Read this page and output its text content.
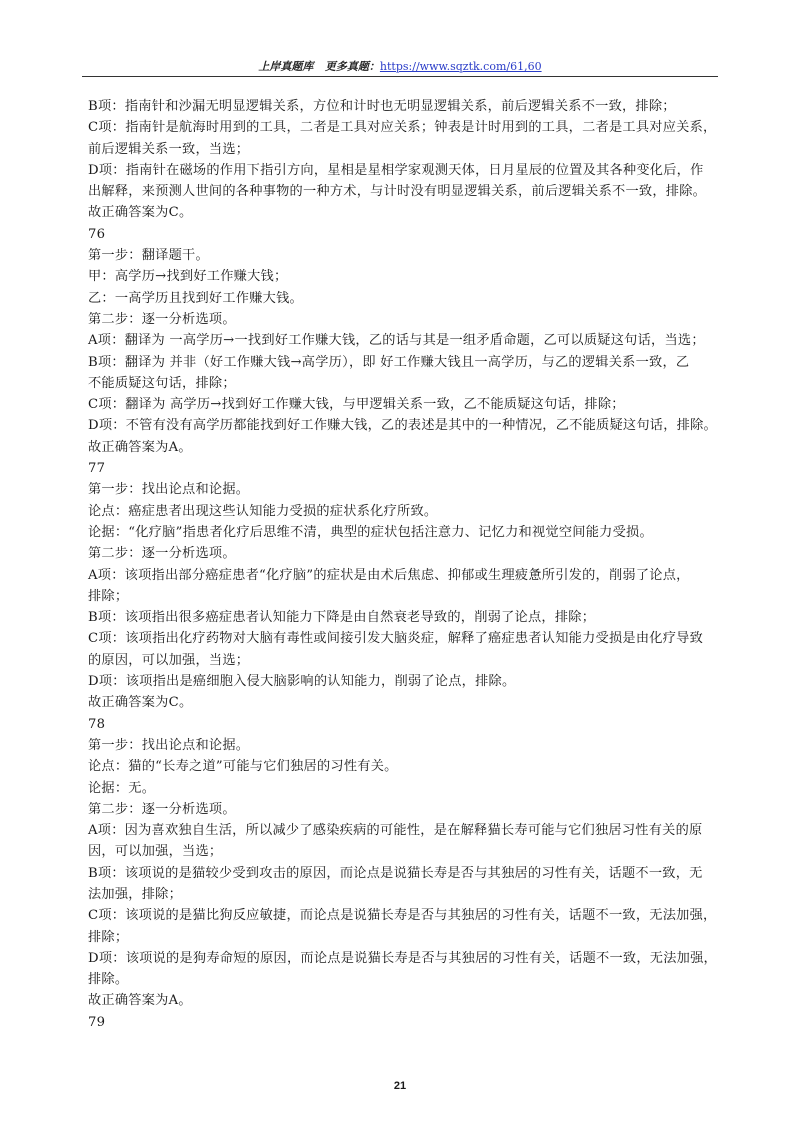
上岸真题库 更多真题：https://www.sqztk.com/61,60

B项：指南针和沙漏无明显逻辑关系，方位和计时也无明显逻辑关系，前后逻辑关系不一致，排除；

C项：指南针是航海时用到的工具，二者是工具对应关系；钟表是计时用到的工具，二者是工具对应关系，

前后逻辑关系一致，当选；

D项：指南针在磁场的作用下指引方向，星相是星相学家观测天体，日月星辰的位置及其各种变化后，作

出解释，来预测人世间的各种事物的一种方术，与计时没有明显逻辑关系，前后逻辑关系不一致，排除。

故正确答案为C。

76

第一步：翻译题干。

甲：高学历→找到好工作赚大钱；

乙：一高学历且找到好工作赚大钱。

第二步：逐一分析选项。

A项：翻译为 一高学历→一找到好工作赚大钱，乙的话与其是一组矛盾命题，乙可以质疑这句话，当选；

B项：翻译为 并非（好工作赚大钱→高学历），即 好工作赚大钱且一高学历，与乙的逻辑关系一致，乙

不能质疑这句话，排除；

C项：翻译为 高学历→找到好工作赚大钱，与甲逻辑关系一致，乙不能质疑这句话，排除；

D项：不管有没有高学历都能找到好工作赚大钱，乙的表述是其中的一种情况，乙不能质疑这句话，排除。

故正确答案为A。

77

第一步：找出论点和论据。

论点：癌症患者出现这些认知能力受损的症状系化疗所致。

论据：“化疗脑”指患者化疗后思维不清，典型的症状包括注意力、记忆力和视觉空间能力受损。

第二步：逐一分析选项。

A项：该项指出部分癌症患者“化疗脑”的症状是由术后焦虑、抑郁或生理疲惫所引发的，削弱了论点，

排除；

B项：该项指出很多癌症患者认知能力下降是由自然衰老导致的，削弱了论点，排除；

C项：该项指出化疗药物对大脑有毒性或间接引发大脑炎症，解释了癌症患者认知能力受损是由化疗导致

的原因，可以加强，当选；

D项：该项指出是癌细胞入侵大脑影响的认知能力，削弱了论点，排除。

故正确答案为C。

78

第一步：找出论点和论据。

论点：猫的“长寿之道”可能与它们独居的习性有关。

论据：无。

第二步：逐一分析选项。

A项：因为喜欢独自生活，所以减少了感染疾病的可能性，是在解释猫长寿可能与它们独居习性有关的原

因，可以加强，当选；

B项：该项说的是猫较少受到攻击的原因，而论点是说猫长寿是否与其独居的习性有关，话题不一致，无

法加强，排除；

C项：该项说的是猫比狗反应敏捷，而论点是说猫长寿是否与其独居的习性有关，话题不一致，无法加强，

排除；

D项：该项说的是狗寿命短的原因，而论点是说猫长寿是否与其独居的习性有关，话题不一致，无法加强，

排除。

故正确答案为A。

79

21
